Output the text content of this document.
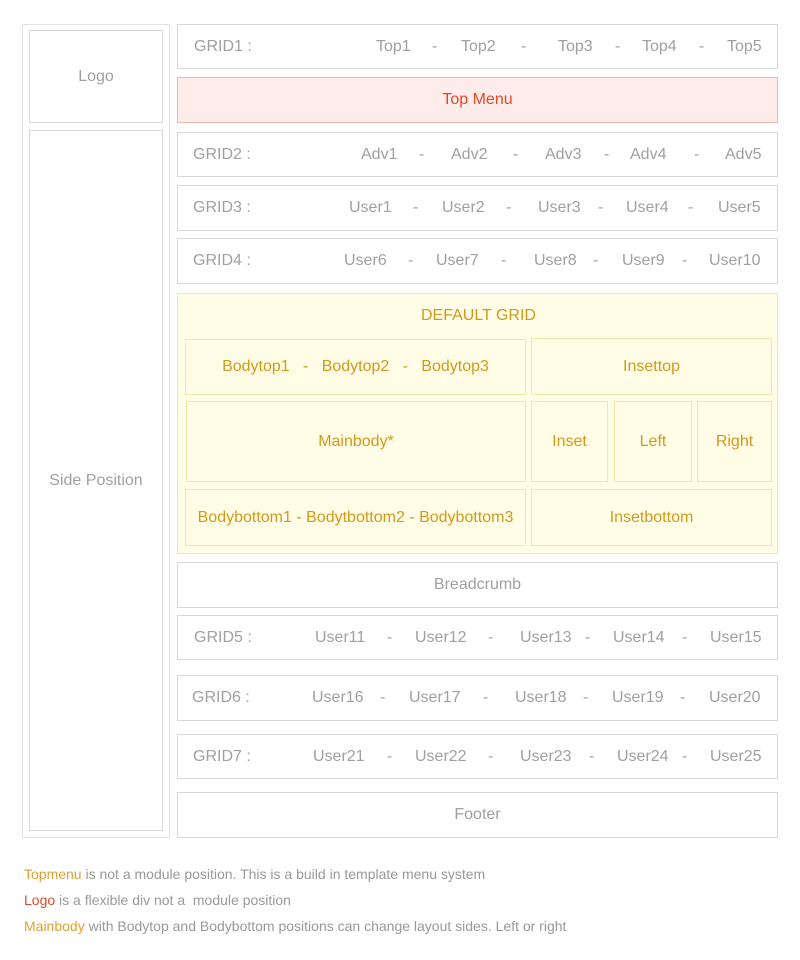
Logo
Side Position
GRID1 :	Top1 - Top2 - Top3 - Top4 - Top5
Top Menu
GRID2 :	Adv1 - Adv2 - Adv3 - Adv4 - Adv5
GRID3 :	User1 - User2 - User3 - User4 - User5
GRID4 :	User6 - User7 - User8 - User9 - User10
DEFAULT GRID
Bodytop1   -   Bodytop2   -   Bodytop3	Insettop
Mainbody*	Inset	Left	Right
Bodybottom1 - Bodytbottom2 - Bodybottom3	Insetbottom
Breadcrumb
GRID5 :	User11 - User12 - User13 - User14 - User15
GRID6 :	User16 - User17 - User18 - User19 - User20
GRID7 :	User21 - User22 - User23 - User24 - User25
Footer
Topmenu is not a module position. This is a build in template menu system
Logo is a flexible div not a  module position
Mainbody with Bodytop and Bodybottom positions can change layout sides. Left or right
